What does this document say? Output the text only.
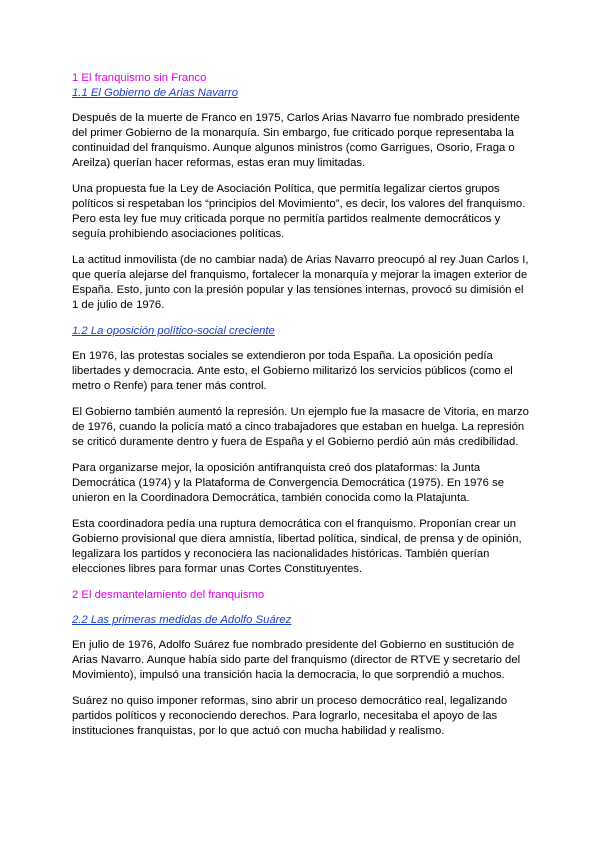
1 El franquismo sin Franco
1.1 El Gobierno de Arias Navarro

Después de la muerte de Franco en 1975, Carlos Arias Navarro fue nombrado presidente del primer Gobierno de la monarquía. Sin embargo, fue criticado porque representaba la continuidad del franquismo. Aunque algunos ministros (como Garrigues, Osorio, Fraga o Areilza) querían hacer reformas, estas eran muy limitadas.

Una propuesta fue la Ley de Asociación Política, que permitía legalizar ciertos grupos políticos si respetaban los “principios del Movimiento”, es decir, los valores del franquismo. Pero esta ley fue muy criticada porque no permitía partidos realmente democráticos y seguía prohibiendo asociaciones políticas.

La actitud inmovilista (de no cambiar nada) de Arias Navarro preocupó al rey Juan Carlos I, que quería alejarse del franquismo, fortalecer la monarquía y mejorar la imagen exterior de España. Esto, junto con la presión popular y las tensiones internas, provocó su dimisión el 1 de julio de 1976.

1.2 La oposición político-social creciente

En 1976, las protestas sociales se extendieron por toda España. La oposición pedía libertades y democracia. Ante esto, el Gobierno militarizó los servicios públicos (como el metro o Renfe) para tener más control.

El Gobierno también aumentó la represión. Un ejemplo fue la masacre de Vitoria, en marzo de 1976, cuando la policía mató a cinco trabajadores que estaban en huelga. La represión se criticó duramente dentro y fuera de España y el Gobierno perdió aún más credibilidad.

Para organizarse mejor, la oposición antifranquista creó dos plataformas: la Junta Democrática (1974) y la Plataforma de Convergencia Democrática (1975). En 1976 se unieron en la Coordinadora Democrática, también conocida como la Platajunta.

Esta coordinadora pedía una ruptura democrática con el franquismo. Proponían crear un Gobierno provisional que diera amnistía, libertad política, sindical, de prensa y de opinión, legalizara los partidos y reconociera las nacionalidades históricas. También querían elecciones libres para formar unas Cortes Constituyentes.

2 El desmantelamiento del franquismo
2.2 Las primeras medidas de Adolfo Suárez

En julio de 1976, Adolfo Suárez fue nombrado presidente del Gobierno en sustitución de Arias Navarro. Aunque había sido parte del franquismo (director de RTVE y secretario del Movimiento), impulsó una transición hacia la democracia, lo que sorprendió a muchos.

Suárez no quiso imponer reformas, sino abrir un proceso democrático real, legalizando partidos políticos y reconociendo derechos. Para lograrlo, necesitaba el apoyo de las instituciones franquistas, por lo que actuó con mucha habilidad y realismo.
